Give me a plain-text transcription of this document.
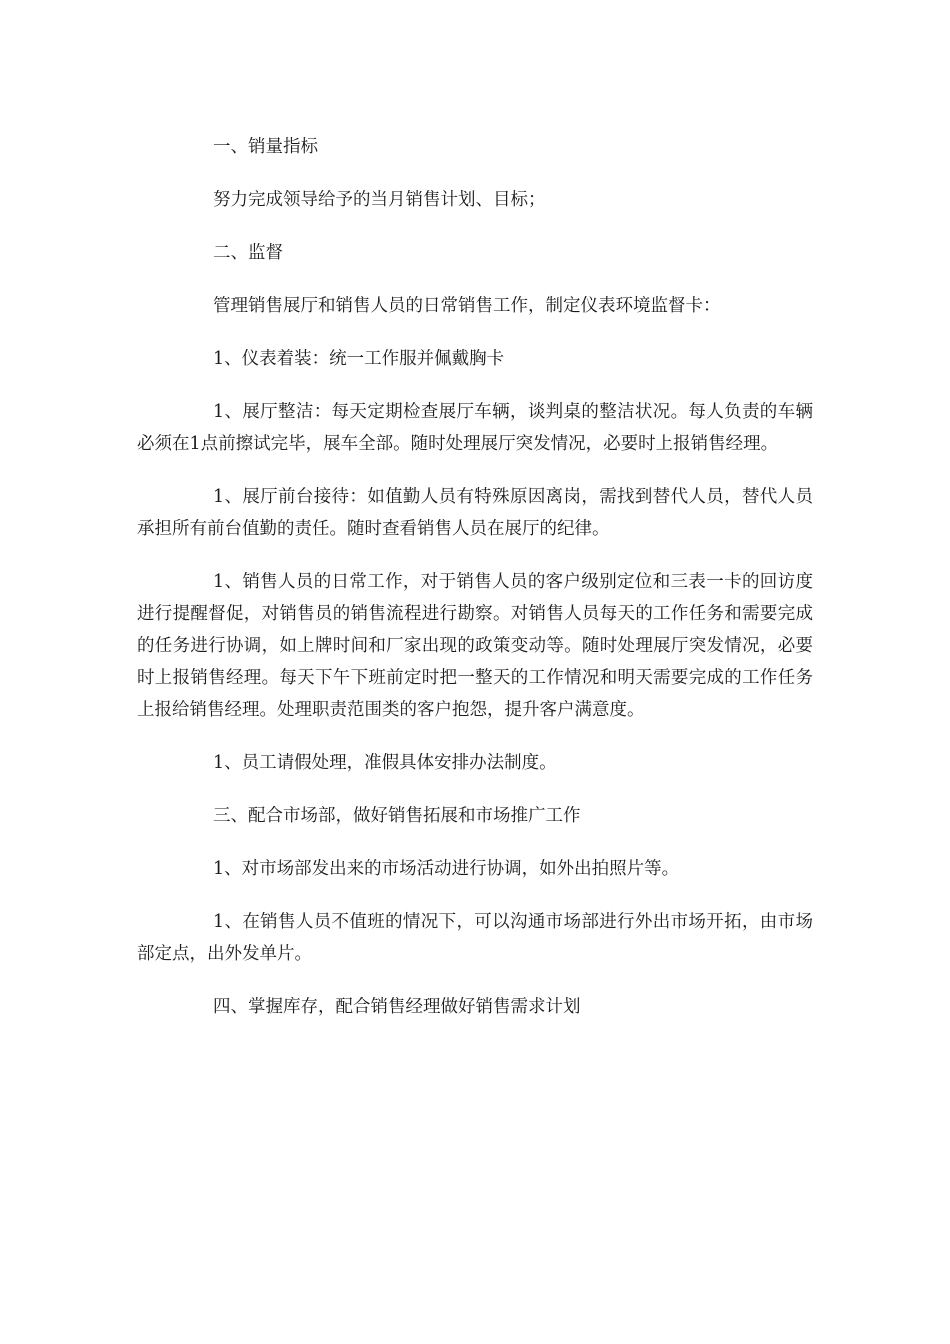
一、销量指标

努力完成领导给予的当月销售计划、目标；

二、监督

管理销售展厅和销售人员的日常销售工作，制定仪表环境监督卡：

1、仪表着装：统一工作服并佩戴胸卡

1、展厅整洁：每天定期检查展厅车辆，谈判桌的整洁状况。每人负责的车辆必须在1点前擦试完毕，展车全部。随时处理展厅突发情况，必要时上报销售经理。

1、展厅前台接待：如值勤人员有特殊原因离岗，需找到替代人员，替代人员承担所有前台值勤的责任。随时查看销售人员在展厅的纪律。

1、销售人员的日常工作，对于销售人员的客户级别定位和三表一卡的回访度进行提醒督促，对销售员的销售流程进行勘察。对销售人员每天的工作任务和需要完成的任务进行协调，如上牌时间和厂家出现的政策变动等。随时处理展厅突发情况，必要时上报销售经理。每天下午下班前定时把一整天的工作情况和明天需要完成的工作任务上报给销售经理。处理职责范围类的客户抱怨，提升客户满意度。

1、员工请假处理，准假具体安排办法制度。

三、配合市场部，做好销售拓展和市场推广工作

1、对市场部发出来的市场活动进行协调，如外出拍照片等。

1、在销售人员不值班的情况下，可以沟通市场部进行外出市场开拓，由市场部定点，出外发单片。

四、掌握库存，配合销售经理做好销售需求计划
